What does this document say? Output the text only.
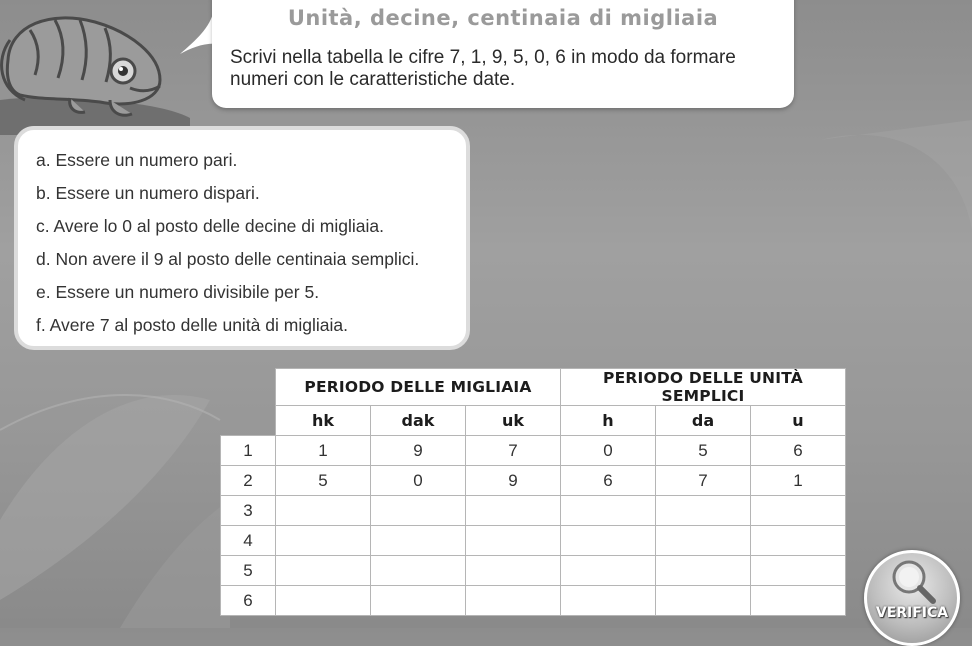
Unità, decine, centinaia di migliaia
Scrivi nella tabella le cifre 7, 1, 9, 5, 0, 6 in modo da formare numeri con le caratteristiche date.
a. Essere un numero pari.
b. Essere un numero dispari.
c. Avere lo 0 al posto delle decine di migliaia.
d. Non avere il 9 al posto delle centinaia semplici.
e. Essere un numero divisibile per 5.
f. Avere 7 al posto delle unità di migliaia.
	PERIODO DELLE MIGLIAIA			PERIODO DELLE UNITÀ SEMPLICI		
	hk	dak	uk	h	da	u
1	1	9	7	0	5	6
2	5	0	9	6	7	1
3						
4						
5						
6						
VERIFICA
